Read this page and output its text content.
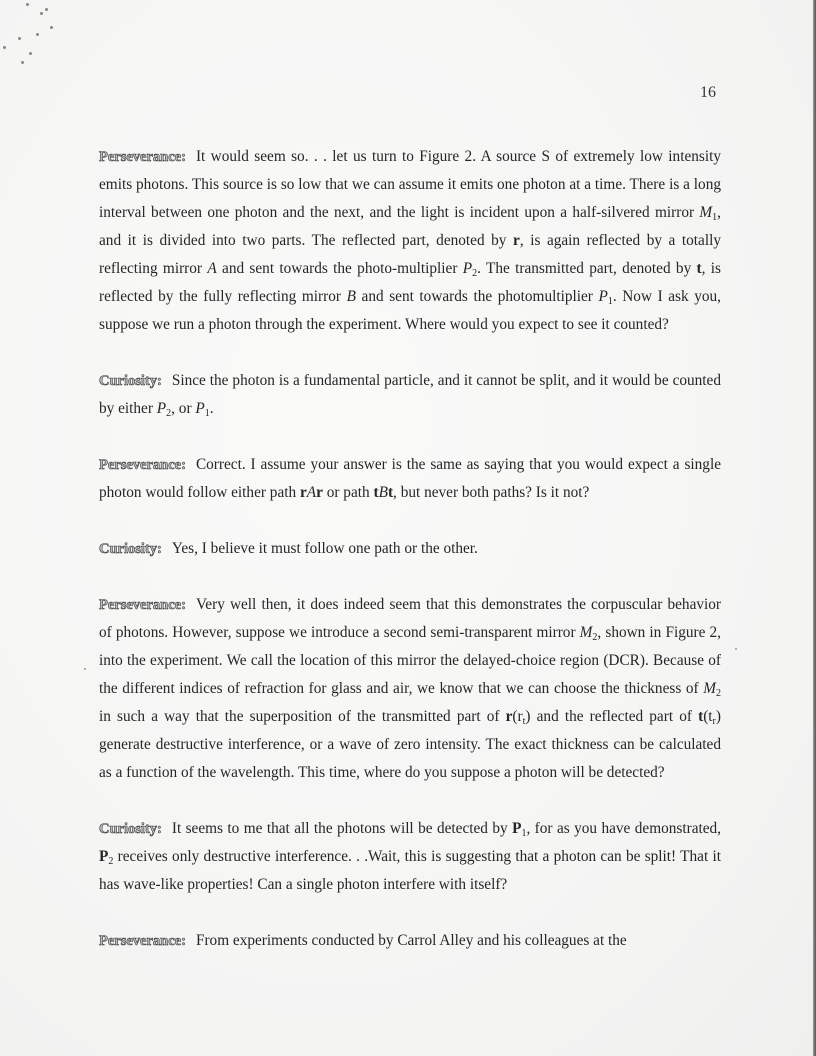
16

Perseverance: It would seem so. . . let us turn to Figure 2. A source S of extremely low intensity emits photons. This source is so low that we can assume it emits one photon at a time. There is a long interval between one photon and the next, and the light is incident upon a half-silvered mirror $M_1$, and it is divided into two parts. The reflected part, denoted by r, is again reflected by a totally reflecting mirror A and sent towards the photo-multiplier $P_2$. The transmitted part, denoted by t, is reflected by the fully reflecting mirror B and sent towards the photomultiplier $P_1$. Now I ask you, suppose we run a photon through the experiment. Where would you expect to see it counted?

Curiosity: Since the photon is a fundamental particle, and it cannot be split, and it would be counted by either $P_2$, or $P_1$.

Perseverance: Correct. I assume your answer is the same as saying that you would expect a single photon would follow either path rAr or path tBt, but never both paths? Is it not?

Curiosity: Yes, I believe it must follow one path or the other.

Perseverance: Very well then, it does indeed seem that this demonstrates the corpuscular behavior of photons. However, suppose we introduce a second semi-transparent mirror $M_2$, shown in Figure 2, into the experiment. We call the location of this mirror the delayed-choice region (DCR). Because of the different indices of refraction for glass and air, we know that we can choose the thickness of $M_2$ in such a way that the superposition of the transmitted part of $r(r_t)$ and the reflected part of $t(t_r)$ generate destructive interference, or a wave of zero intensity. The exact thickness can be calculated as a function of the wavelength. This time, where do you suppose a photon will be detected?

Curiosity: It seems to me that all the photons will be detected by $P_1$, for as you have demonstrated, $P_2$ receives only destructive interference. . .Wait, this is suggesting that a photon can be split! That it has wave-like properties! Can a single photon interfere with itself?

Perseverance: From experiments conducted by Carrol Alley and his colleagues at the
